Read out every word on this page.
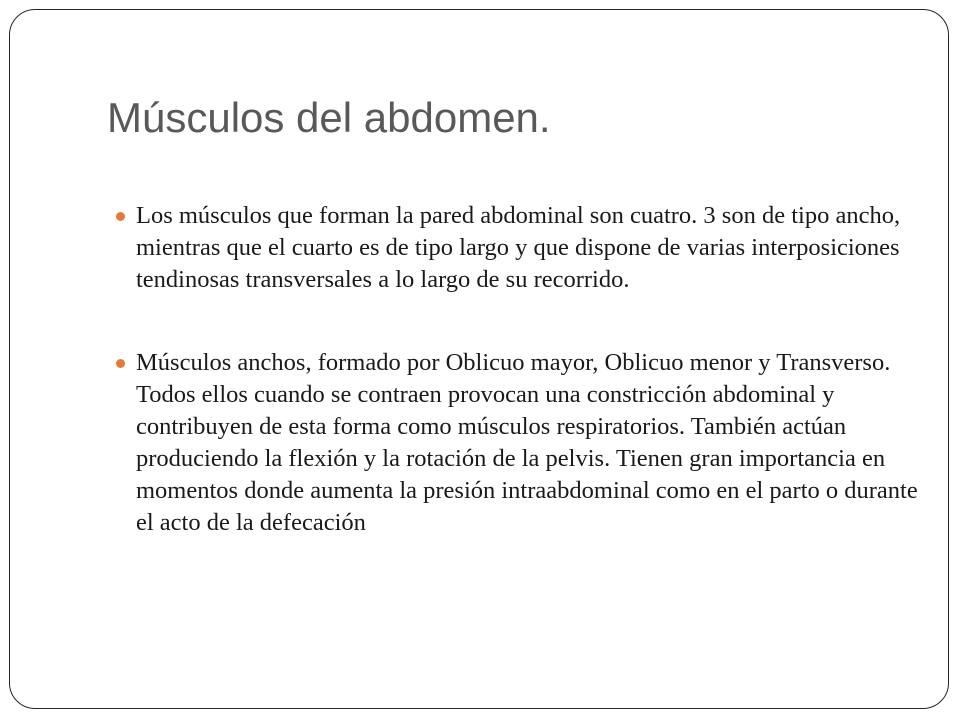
Músculos del abdomen.
Los músculos que forman la pared abdominal son cuatro. 3 son de tipo ancho, mientras que el cuarto es de tipo largo y que dispone de varias interposiciones tendinosas transversales a lo largo de su recorrido.
Músculos anchos, formado por Oblicuo mayor, Oblicuo menor y Transverso. Todos ellos cuando se contraen provocan una constricción abdominal y contribuyen de esta forma como músculos respiratorios. También actúan produciendo la flexión y la rotación de la pelvis. Tienen gran importancia en momentos donde aumenta la presión intraabdominal como en el parto o durante el acto de la defecación
